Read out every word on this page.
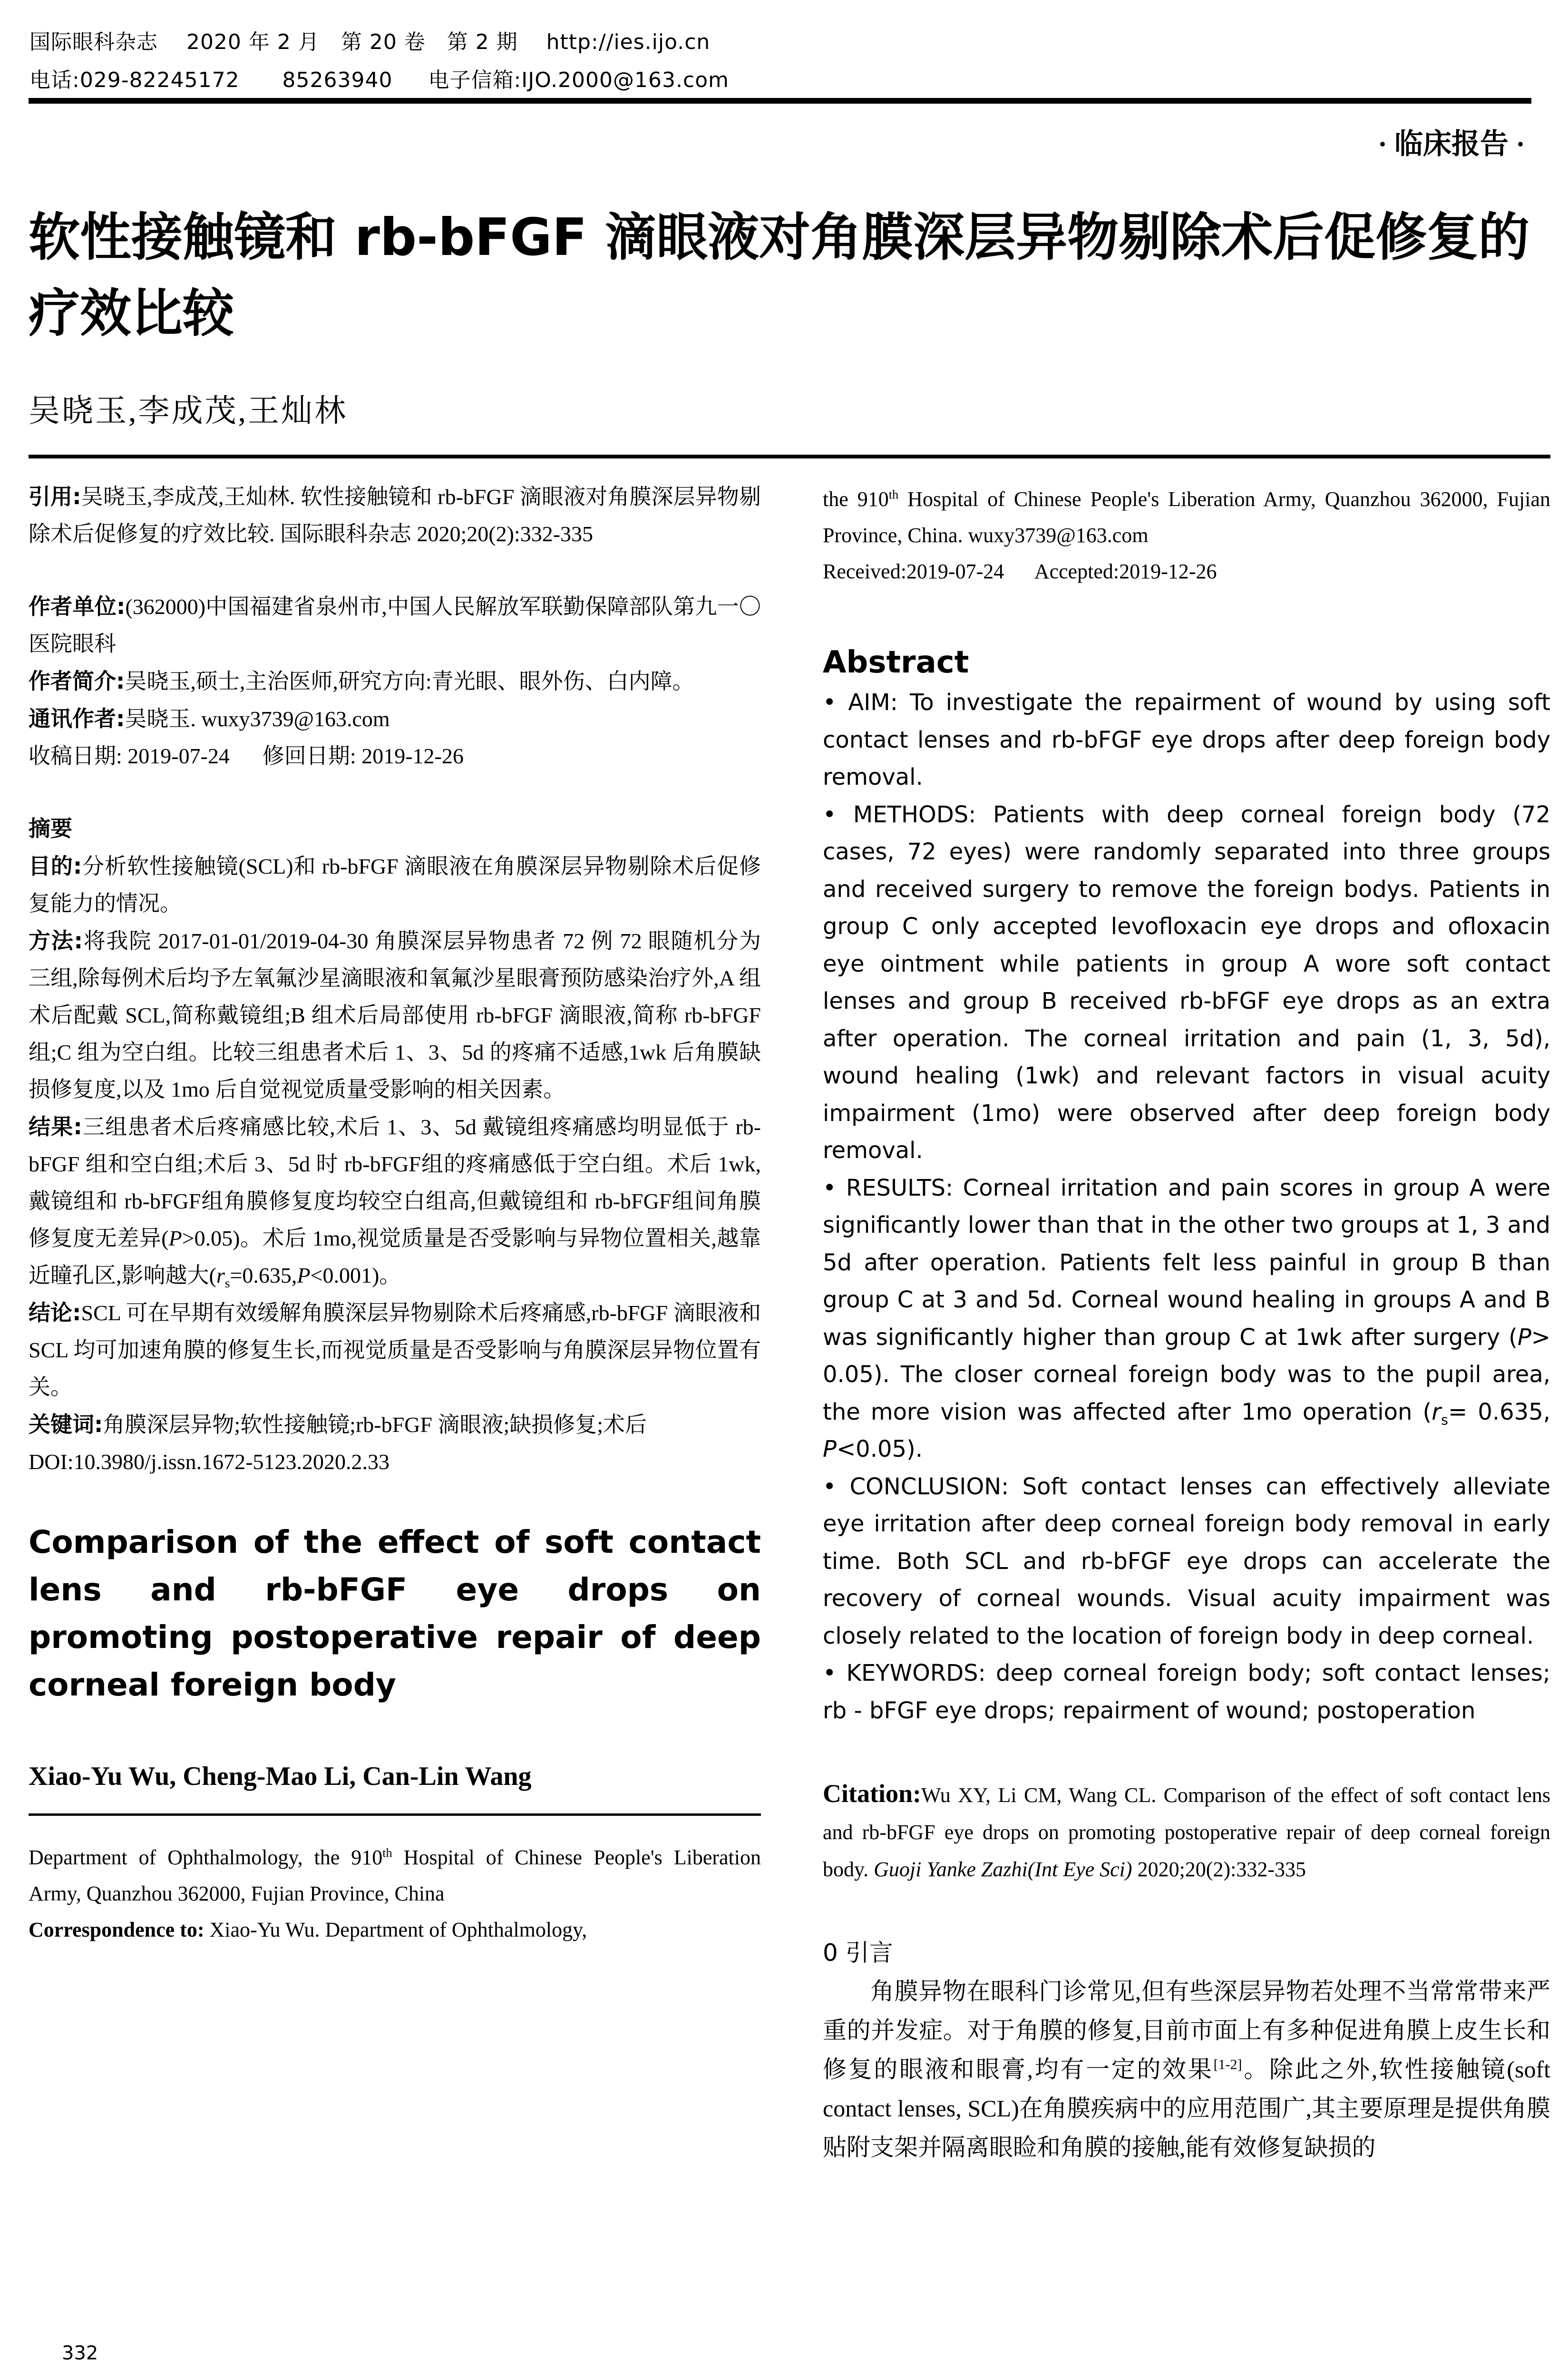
国际眼科杂志    2020 年 2 月   第 20 卷   第 2 期    http://ies.ijo.cn
电话:029-82245172      85263940     电子信箱:IJO.2000@163.com
· 临床报告 ·
软性接触镜和 rb-bFGF 滴眼液对角膜深层异物剔除术后促修复的疗效比较
吴晓玉,李成茂,王灿林
引用:吴晓玉,李成茂,王灿林. 软性接触镜和 rb-bFGF 滴眼液对角膜深层异物剔除术后促修复的疗效比较. 国际眼科杂志 2020;20(2):332-335
作者单位:(362000)中国福建省泉州市,中国人民解放军联勤保障部队第九一〇医院眼科
作者简介:吴晓玉,硕士,主治医师,研究方向:青光眼、眼外伤、白内障。
通讯作者:吴晓玉. wuxy3739@163.com
收稿日期: 2019-07-24      修回日期: 2019-12-26
摘要
目的:分析软性接触镜(SCL)和 rb-bFGF 滴眼液在角膜深层异物剔除术后促修复能力的情况。
方法:将我院 2017-01-01/2019-04-30 角膜深层异物患者 72 例 72 眼随机分为三组,除每例术后均予左氧氟沙星滴眼液和氧氟沙星眼膏预防感染治疗外,A 组术后配戴 SCL,简称戴镜组;B 组术后局部使用 rb-bFGF 滴眼液,简称 rb-bFGF 组;C 组为空白组。比较三组患者术后 1、3、5d 的疼痛不适感,1wk 后角膜缺损修复度,以及 1mo 后自觉视觉质量受影响的相关因素。
结果:三组患者术后疼痛感比较,术后 1、3、5d 戴镜组疼痛感均明显低于 rb-bFGF 组和空白组;术后 3、5d 时 rb-bFGF组的疼痛感低于空白组。术后 1wk,戴镜组和 rb-bFGF组角膜修复度均较空白组高,但戴镜组和 rb-bFGF组间角膜修复度无差异(P>0.05)。术后 1mo,视觉质量是否受影响与异物位置相关,越靠近瞳孔区,影响越大$(r_s=0.635,P<0.001)$。
结论:SCL 可在早期有效缓解角膜深层异物剔除术后疼痛感,rb-bFGF 滴眼液和 SCL 均可加速角膜的修复生长,而视觉质量是否受影响与角膜深层异物位置有关。
关键词:角膜深层异物;软性接触镜;rb-bFGF 滴眼液;缺损修复;术后
DOI:10.3980/j.issn.1672-5123.2020.2.33
Comparison of the effect of soft contact lens and rb-bFGF eye drops on promoting postoperative repair of deep corneal foreign body
Xiao-Yu Wu, Cheng-Mao Li, Can-Lin Wang
Department of Ophthalmology, the 910th Hospital of Chinese People's Liberation Army, Quanzhou 362000, Fujian Province, China
Correspondence to: Xiao-Yu Wu. Department of Ophthalmology,
332
the 910th Hospital of Chinese People's Liberation Army, Quanzhou 362000, Fujian Province, China. wuxy3739@163.com
Received:2019-07-24      Accepted:2019-12-26
Abstract
• AIM: To investigate the repairment of wound by using soft contact lenses and rb-bFGF eye drops after deep foreign body removal.
• METHODS: Patients with deep corneal foreign body (72 cases, 72 eyes) were randomly separated into three groups and received surgery to remove the foreign bodys. Patients in group C only accepted levofloxacin eye drops and ofloxacin eye ointment while patients in group A wore soft contact lenses and group B received rb-bFGF eye drops as an extra after operation. The corneal irritation and pain (1, 3, 5d), wound healing (1wk) and relevant factors in visual acuity impairment (1mo) were observed after deep foreign body removal.
• RESULTS: Corneal irritation and pain scores in group A were significantly lower than that in the other two groups at 1, 3 and 5d after operation. Patients felt less painful in group B than group C at 3 and 5d. Corneal wound healing in groups A and B was significantly higher than group C at 1wk after surgery (P> 0.05). The closer corneal foreign body was to the pupil area, the more vision was affected after 1mo operation ($r_s= 0.635$, P<0.05).
• CONCLUSION: Soft contact lenses can effectively alleviate eye irritation after deep corneal foreign body removal in early time. Both SCL and rb-bFGF eye drops can accelerate the recovery of corneal wounds. Visual acuity impairment was closely related to the location of foreign body in deep corneal.
• KEYWORDS: deep corneal foreign body; soft contact lenses; rb - bFGF eye drops; repairment of wound; postoperation
Citation:Wu XY, Li CM, Wang CL. Comparison of the effect of soft contact lens and rb-bFGF eye drops on promoting postoperative repair of deep corneal foreign body. Guoji Yanke Zazhi(Int Eye Sci) 2020;20(2):332-335
0 引言
角膜异物在眼科门诊常见,但有些深层异物若处理不当常常带来严重的并发症。对于角膜的修复,目前市面上有多种促进角膜上皮生长和修复的眼液和眼膏,均有一定的效果[1-2]。除此之外,软性接触镜(soft contact lenses, SCL)在角膜疾病中的应用范围广,其主要原理是提供角膜贴附支架并隔离眼睑和角膜的接触,能有效修复缺损的
